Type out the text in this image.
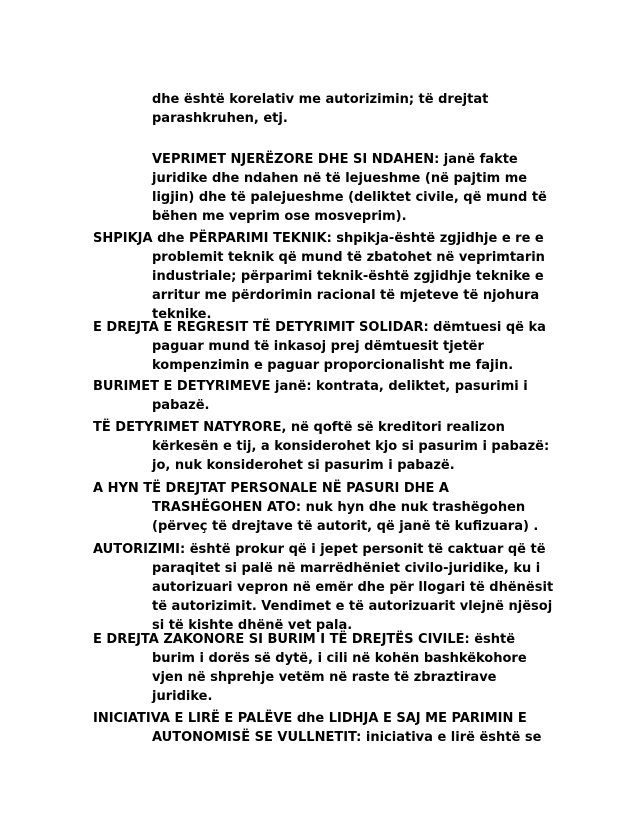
dhe është korelativ me autorizimin; të drejtat
parashkruhen, etj.
VEPRIMET NJERËZORE DHE SI NDAHEN: janë fakte
juridike dhe ndahen në të lejueshme (në pajtim me
ligjin) dhe të palejueshme (deliktet civile, që mund të
bëhen me veprim ose mosveprim).
SHPIKJA dhe PËRPARIMI TEKNIK: shpikja-është zgjidhje e re e
problemit teknik që mund të zbatohet në veprimtarin
industriale; përparimi teknik-është zgjidhje teknike e
arritur me përdorimin racional të mjeteve të njohura
teknike.
E DREJTA E REGRESIT TË DETYRIMIT SOLIDAR: dëmtuesi që ka
paguar mund të inkasoj prej dëmtuesit tjetër
kompenzimin e paguar proporcionalisht me fajin.
BURIMET E DETYRIMEVE janë: kontrata, deliktet, pasurimi i
pabazë.
TË DETYRIMET NATYRORE, në qoftë së kreditori realizon
kërkesën e tij, a konsiderohet kjo si pasurim i pabazë:
jo, nuk konsiderohet si pasurim i pabazë.
A HYN TË DREJTAT PERSONALE NË PASURI DHE A
TRASHËGOHEN ATO: nuk hyn dhe nuk trashëgohen
(përveç të drejtave të autorit, që janë të kufizuara) .
AUTORIZIMI: është prokur që i jepet personit të caktuar që të
paraqitet si palë në marrëdhëniet civilo-juridike, ku i
autorizuari vepron në emër dhe për llogari të dhënësit
të autorizimit. Vendimet e të autorizuarit vlejnë njësoj
si të kishte dhënë vet pala.
E DREJTA ZAKONORE SI BURIM I TË DREJTËS CIVILE: është
burim i dorës së dytë, i cili në kohën bashkëkohore
vjen në shprehje vetëm në raste të zbraztirave
juridike.
INICIATIVA E LIRË E PALËVE dhe LIDHJA E SAJ ME PARIMIN E
AUTONOMISË SE VULLNETIT: iniciativa e lirë është se
